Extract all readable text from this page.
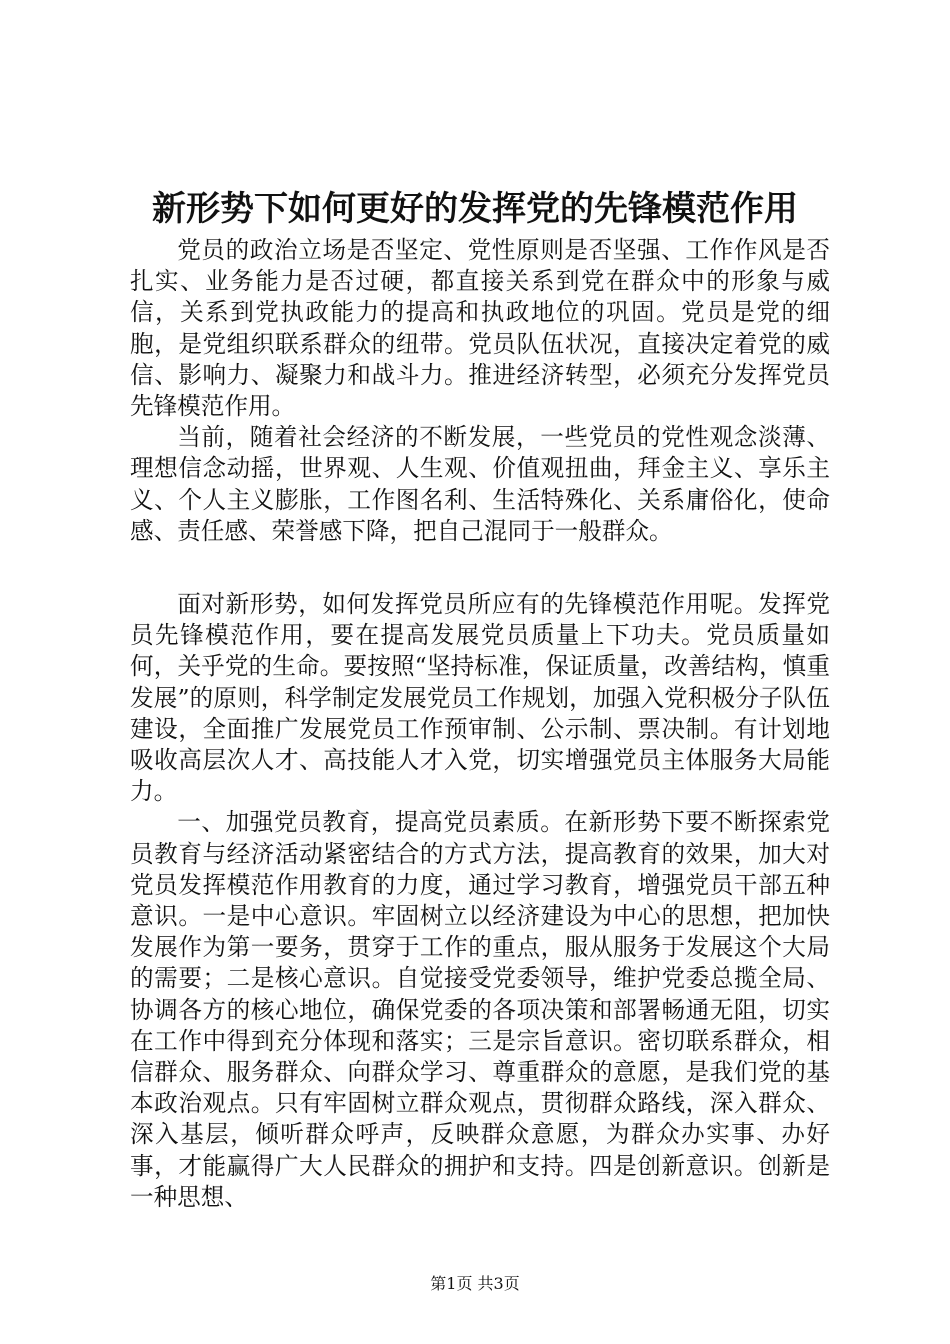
新形势下如何更好的发挥党的先锋模范作用

党员的政治立场是否坚定、党性原则是否坚强、工作作风是否扎实、业务能力是否过硬，都直接关系到党在群众中的形象与威信，关系到党执政能力的提高和执政地位的巩固。党员是党的细胞，是党组织联系群众的纽带。党员队伍状况，直接决定着党的威信、影响力、凝聚力和战斗力。推进经济转型，必须充分发挥党员先锋模范作用。

当前，随着社会经济的不断发展，一些党员的党性观念淡薄、理想信念动摇，世界观、人生观、价值观扭曲，拜金主义、享乐主义、个人主义膨胀，工作图名利、生活特殊化、关系庸俗化，使命感、责任感、荣誉感下降，把自己混同于一般群众。

面对新形势，如何发挥党员所应有的先锋模范作用呢。发挥党员先锋模范作用，要在提高发展党员质量上下功夫。党员质量如何，关乎党的生命。要按照“坚持标准，保证质量，改善结构，慎重发展”的原则，科学制定发展党员工作规划，加强入党积极分子队伍建设，全面推广发展党员工作预审制、公示制、票决制。有计划地吸收高层次人才、高技能人才入党，切实增强党员主体服务大局能力。

一、加强党员教育，提高党员素质。在新形势下要不断探索党员教育与经济活动紧密结合的方式方法，提高教育的效果，加大对党员发挥模范作用教育的力度，通过学习教育，增强党员干部五种意识。一是中心意识。牢固树立以经济建设为中心的思想，把加快发展作为第一要务，贯穿于工作的重点，服从服务于发展这个大局的需要；二是核心意识。自觉接受党委领导，维护党委总揽全局、协调各方的核心地位，确保党委的各项决策和部署畅通无阻，切实在工作中得到充分体现和落实；三是宗旨意识。密切联系群众，相信群众、服务群众、向群众学习、尊重群众的意愿，是我们党的基本政治观点。只有牢固树立群众观点，贯彻群众路线，深入群众、深入基层，倾听群众呼声，反映群众意愿，为群众办实事、办好事，才能赢得广大人民群众的拥护和支持。四是创新意识。创新是一种思想、

第1页 共3页
